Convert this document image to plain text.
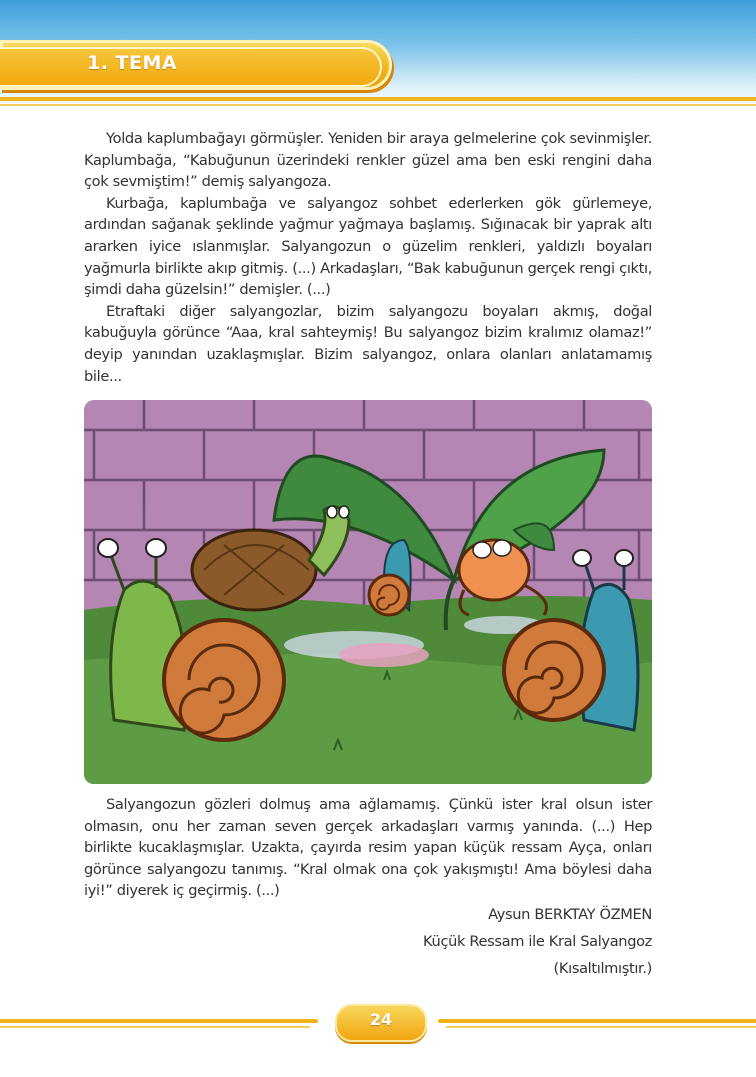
1. TEMA

Yolda kaplumbağayı görmüşler. Yeniden bir araya gelmelerine çok sevinmişler. Kaplumbağa, “Kabuğunun üzerindeki renkler güzel ama ben eski rengini daha çok sevmiştim!” demiş salyangoza.

Kurbağa, kaplumbağa ve salyangoz sohbet ederlerken gök gürlemeye, ardından sağanak şeklinde yağmur yağmaya başlamış. Sığınacak bir yaprak altı ararken iyice ıslanmışlar. Salyangozun o güzelim renkleri, yaldızlı boyaları yağmurla birlikte akıp gitmiş. (...) Arkadaşları, “Bak kabuğunun gerçek rengi çıktı, şimdi daha güzelsin!” demişler. (...)

Etraftaki diğer salyangozlar, bizim salyangozu boyaları akmış, doğal kabuğuyla görünce “Aaa, kral sahteymiş! Bu salyangoz bizim kralımız olamaz!” deyip yanından uzaklaşmışlar. Bizim salyangoz, onlara olanları anlatamamış bile...

Salyangozun gözleri dolmuş ama ağlamamış. Çünkü ister kral olsun ister olmasın, onu her zaman seven gerçek arkadaşları varmış yanında. (...) Hep birlikte kucaklaşmışlar. Uzakta, çayırda resim yapan küçük ressam Ayça, onları görünce salyangozu tanımış. “Kral olmak ona çok yakışmıştı! Ama böylesi daha iyi!” diyerek iç geçirmiş. (...)

Aysun BERKTAY ÖZMEN
Küçük Ressam ile Kral Salyangoz
(Kısaltılmıştır.)
24
